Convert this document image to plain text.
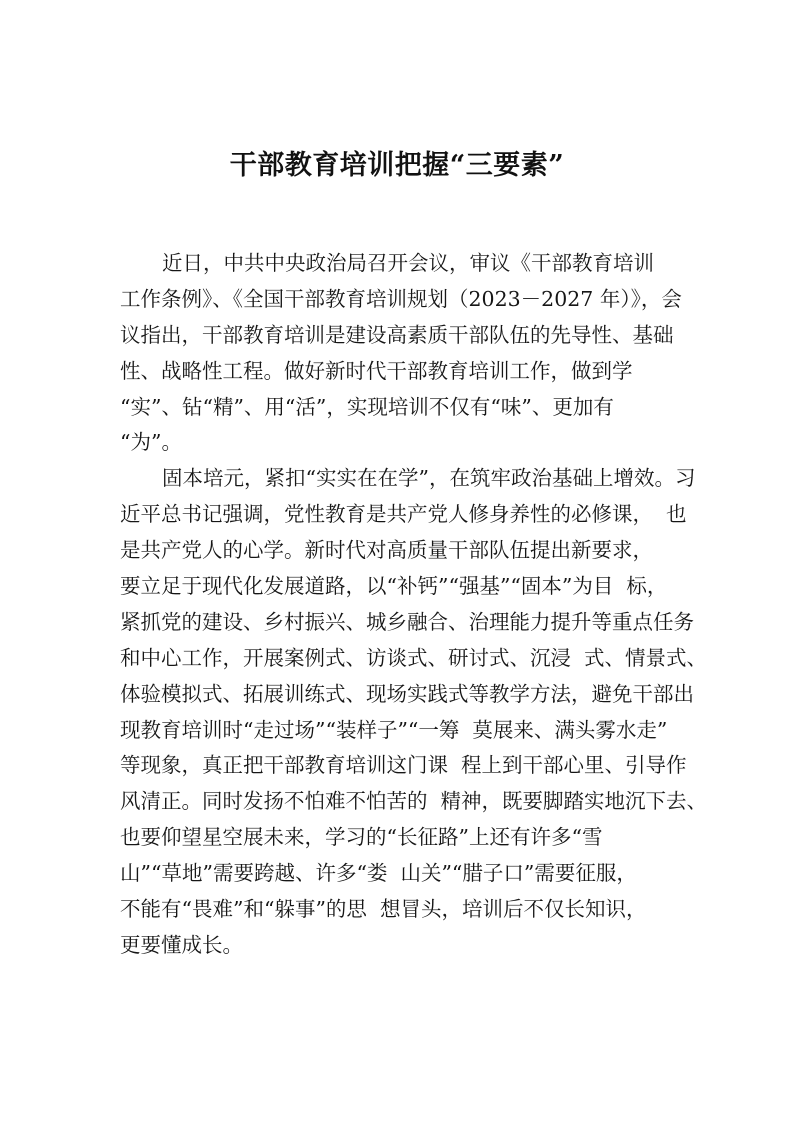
干部教育培训把握“三要素”
近日，中共中央政治局召开会议，审议《干部教育培训
工作条例》、《全国干部教育培训规划（2023－2027 年）》，会
议指出，干部教育培训是建设高素质干部队伍的先导性、基础
性、战略性工程。做好新时代干部教育培训工作，做到学
“实”、钻“精”、用“活”，实现培训不仅有“味”、更加有
“为”。
固本培元，紧扣“实实在在学”，在筑牢政治基础上增效。习
近平总书记强调，党性教育是共产党人修身养性的必修课，  也
是共产党人的心学。新时代对高质量干部队伍提出新要求，
要立足于现代化发展道路，以“补钙”“强基”“固本”为目  标，
紧抓党的建设、乡村振兴、城乡融合、治理能力提升等重点任务
和中心工作，开展案例式、访谈式、研讨式、沉浸  式、情景式、
体验模拟式、拓展训练式、现场实践式等教学方法，避免干部出
现教育培训时“走过场”“装样子”“一筹  莫展来、满头雾水走”
等现象，真正把干部教育培训这门课  程上到干部心里、引导作
风清正。同时发扬不怕难不怕苦的  精神，既要脚踏实地沉下去、
也要仰望星空展未来，学习的“长征路”上还有许多“雪
山”“草地”需要跨越、许多“娄  山关”“腊子口”需要征服，
不能有“畏难”和“躲事”的思  想冒头，培训后不仅长知识，
更要懂成长。
